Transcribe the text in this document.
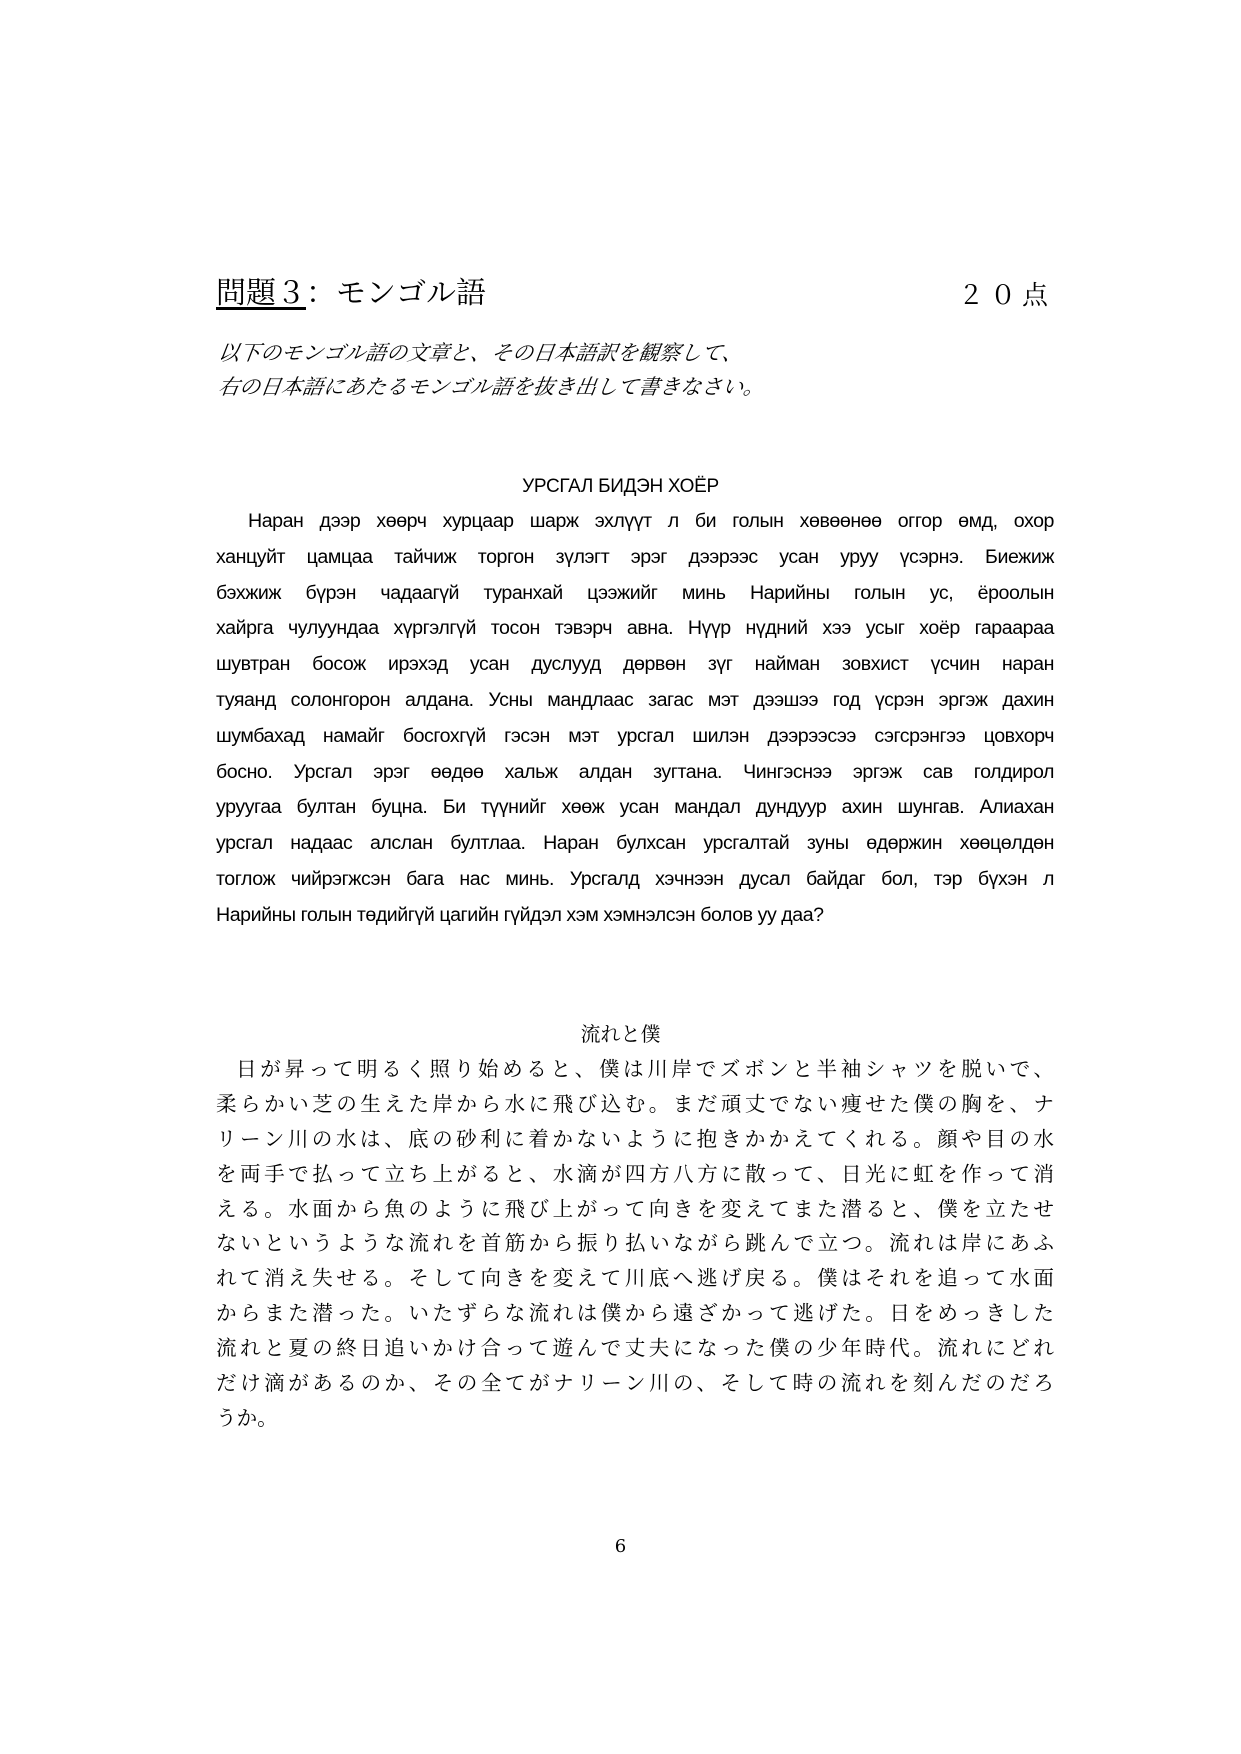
問題３：モンゴル語	２０点
以下のモンゴル語の文章と、その日本語訳を観察して、
右の日本語にあたるモンゴル語を抜き出して書きなさい。
УРСГАЛ БИДЭН ХОЁР
Наран дээр хөөрч хурцаар шарж эхлүүт л би голын хөвөөнөө оггор өмд, охор
ханцуйт цамцаа тайчиж торгон зүлэгт эрэг дээрээс усан уруу үсэрнэ. Биежиж
бэхжиж бүрэн чадаагүй туранхай цээжийг минь Нарийны голын ус, ёроолын
хайрга чулуундаа хүргэлгүй тосон тэвэрч авна. Нүүр нүдний хээ усыг хоёр гараараа
шувтран босож ирэхэд усан дуслууд дөрвөн зүг найман зовхист үсчин наран
туяанд солонгорон алдана. Усны мандлаас загас мэт дээшээ год үсрэн эргэж дахин
шумбахад намайг босгохгүй гэсэн мэт урсгал шилэн дээрээсээ сэгсрэнгээ цовхорч
босно. Урсгал эрэг өөдөө хальж алдан зугтана. Чингэснээ эргэж сав голдирол
уруугаа бултан буцна. Би түүнийг хөөж усан мандал дундуур ахин шунгав. Алиахан
урсгал надаас алслан бултлаа. Наран булхсан урсгалтай зуны өдөржин хөөцөлдөн
тоглож чийрэгжсэн бага нас минь. Урсгалд хэчнээн дусал байдаг бол, тэр бүхэн л
Нарийны голын төдийгүй цагийн гүйдэл хэм хэмнэлсэн болов уу даа?
流れと僕
日が昇って明るく照り始めると、僕は川岸でズボンと半袖シャツを脱いで、
柔らかい芝の生えた岸から水に飛び込む。まだ頑丈でない痩せた僕の胸を、ナ
リーン川の水は、底の砂利に着かないように抱きかかえてくれる。顔や目の水
を両手で払って立ち上がると、水滴が四方八方に散って、日光に虹を作って消
える。水面から魚のように飛び上がって向きを変えてまた潜ると、僕を立たせ
ないというような流れを首筋から振り払いながら跳んで立つ。流れは岸にあふ
れて消え失せる。そして向きを変えて川底へ逃げ戻る。僕はそれを追って水面
からまた潜った。いたずらな流れは僕から遠ざかって逃げた。日をめっきした
流れと夏の終日追いかけ合って遊んで丈夫になった僕の少年時代。流れにどれ
だけ滴があるのか、その全てがナリーン川の、そして時の流れを刻んだのだろ
うか。
6
